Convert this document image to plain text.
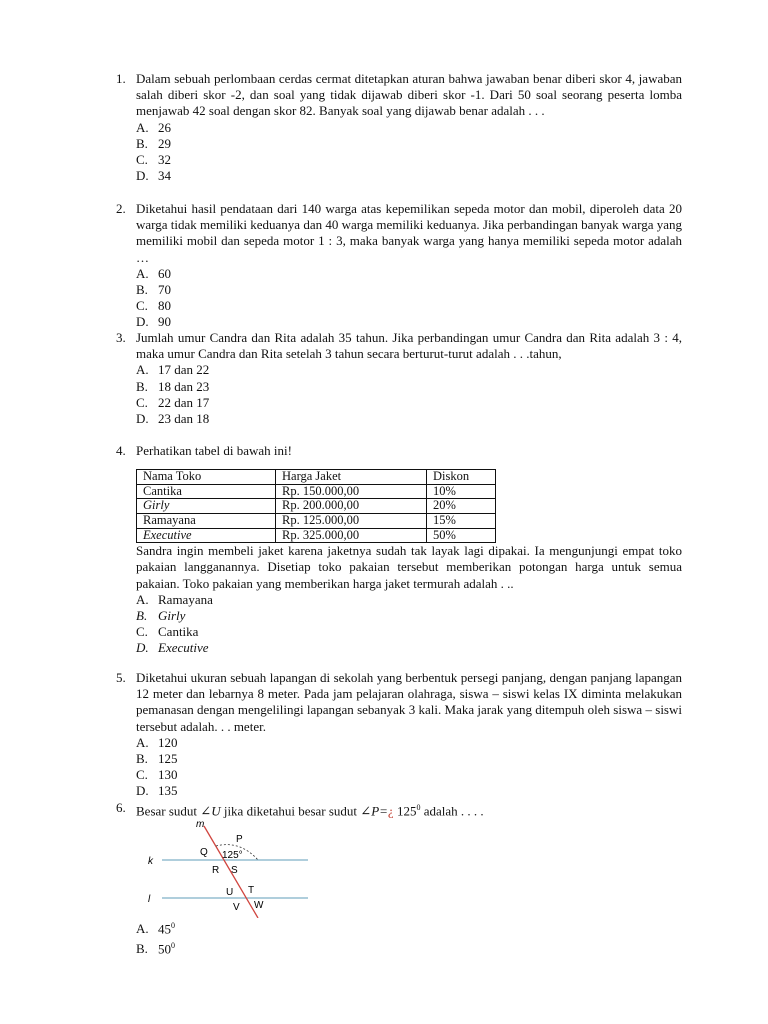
1. Dalam sebuah perlombaan cerdas cermat ditetapkan aturan bahwa jawaban benar diberi skor 4, jawaban salah diberi skor -2, dan soal yang tidak dijawab diberi skor -1. Dari 50 soal seorang peserta lomba menjawab 42 soal dengan skor 82. Banyak soal yang dijawab benar adalah . . .
A. 26
B. 29
C. 32
D. 34
2. Diketahui hasil pendataan dari 140 warga atas kepemilikan sepeda motor dan mobil, diperoleh data 20 warga tidak memiliki keduanya dan 40 warga memiliki keduanya. Jika perbandingan banyak warga yang memiliki mobil dan sepeda motor 1 : 3, maka banyak warga yang hanya memiliki sepeda motor adalah …
A. 60
B. 70
C. 80
D. 90
3. Jumlah umur Candra dan Rita adalah 35 tahun. Jika perbandingan umur Candra dan Rita adalah 3 : 4, maka umur Candra dan Rita setelah 3 tahun secara berturut-turut adalah . . .tahun,
A. 17 dan 22
B. 18 dan 23
C. 22 dan 17
D. 23 dan 18
4. Perhatikan tabel di bawah ini!
Nama Toko	Harga Jaket	Diskon
Cantika	Rp. 150.000,00	10%
Girly	Rp. 200.000,00	20%
Ramayana	Rp. 125.000,00	15%
Executive	Rp. 325.000,00	50%
Sandra ingin membeli jaket karena jaketnya sudah tak layak lagi dipakai. Ia mengunjungi empat toko pakaian langganannya. Disetiap toko pakaian tersebut memberikan potongan harga untuk semua pakaian. Toko pakaian yang memberikan harga jaket termurah adalah . ..
A. Ramayana
B. Girly
C. Cantika
D. Executive
5. Diketahui ukuran sebuah lapangan di sekolah yang berbentuk persegi panjang, dengan panjang lapangan 12 meter dan lebarnya 8 meter. Pada jam pelajaran olahraga, siswa – siswi kelas IX diminta melakukan pemanasan dengan mengelilingi lapangan sebanyak 3 kali. Maka jarak yang ditempuh oleh siswa – siswi tersebut adalah. . . meter.
A. 120
B. 125
C. 130
D. 135
6. Besar sudut ∠U jika diketahui besar sudut ∠P=¿ $125^0$ adalah . . . .
m
P
Q 125°
k
R S
U T
l
V W
A. $45^0$
B. $50^0$
